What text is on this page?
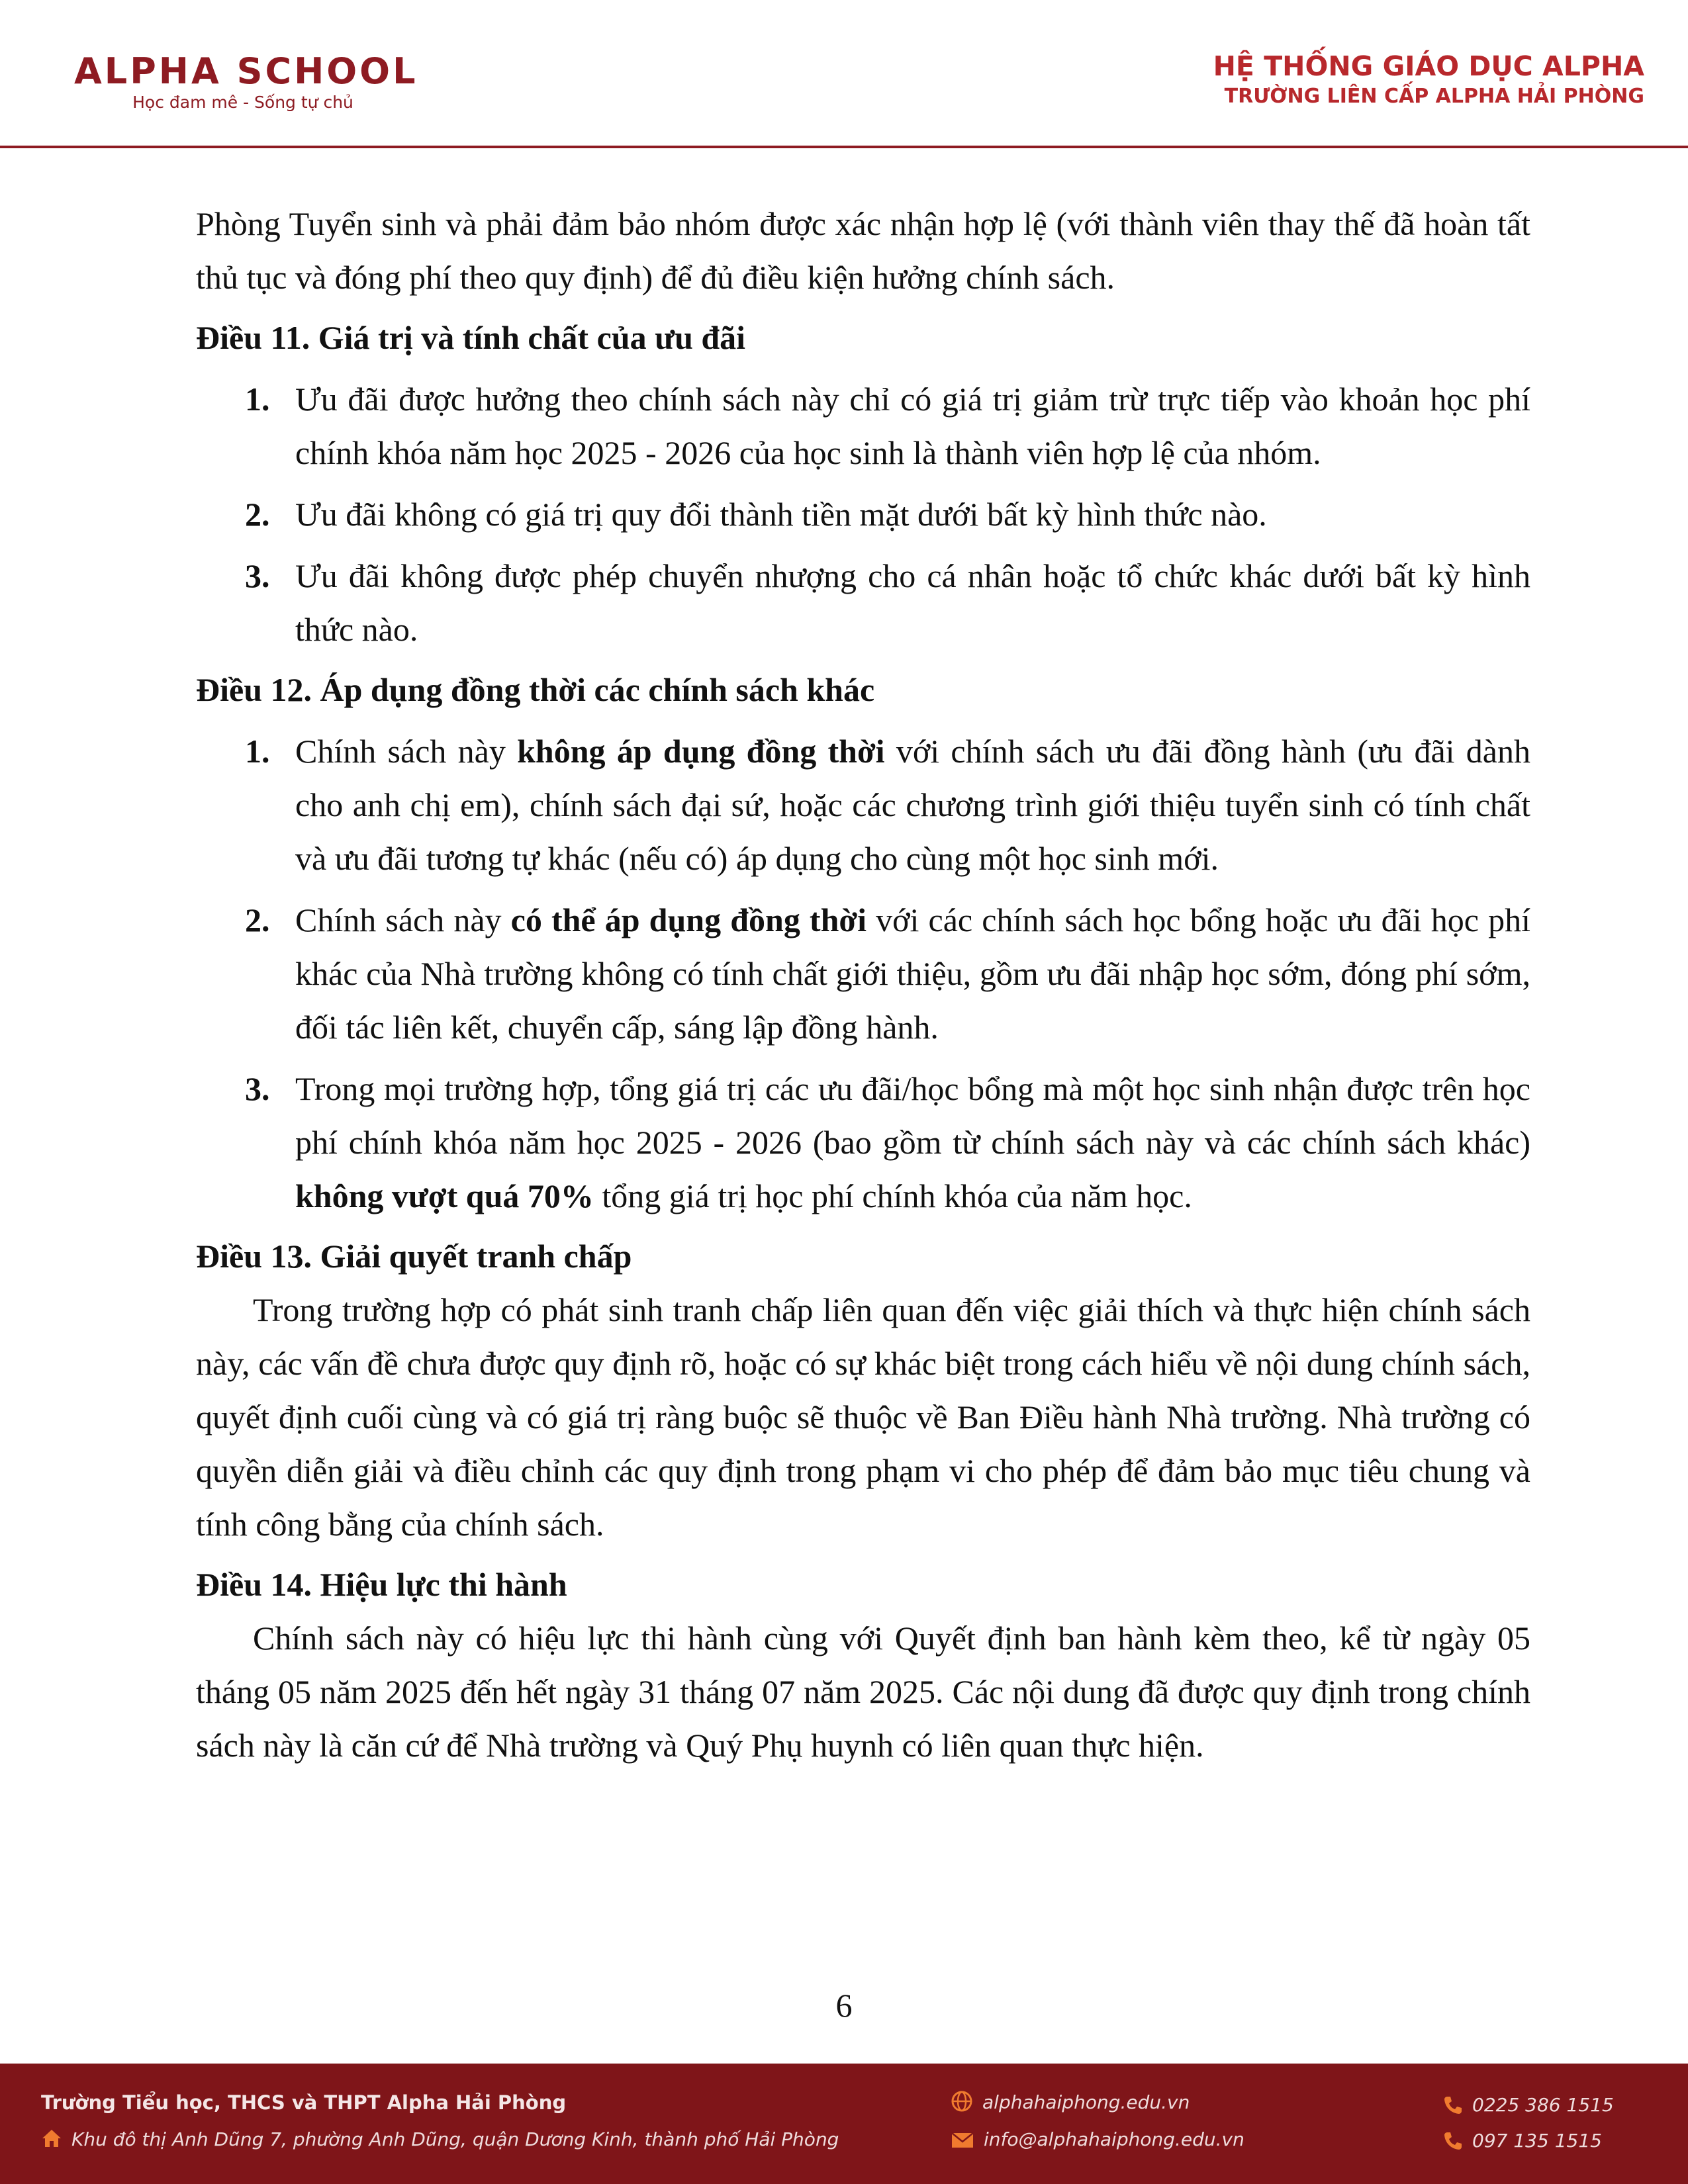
ALPHA SCHOOL
Học đam mê - Sống tự chủ
HỆ THỐNG GIÁO DỤC ALPHA
TRƯỜNG LIÊN CẤP ALPHA HẢI PHÒNG

Phòng Tuyển sinh và phải đảm bảo nhóm được xác nhận hợp lệ (với thành viên thay thế đã hoàn tất thủ tục và đóng phí theo quy định) để đủ điều kiện hưởng chính sách.

Điều 11. Giá trị và tính chất của ưu đãi

1. Ưu đãi được hưởng theo chính sách này chỉ có giá trị giảm trừ trực tiếp vào khoản học phí chính khóa năm học 2025 - 2026 của học sinh là thành viên hợp lệ của nhóm.
2. Ưu đãi không có giá trị quy đổi thành tiền mặt dưới bất kỳ hình thức nào.
3. Ưu đãi không được phép chuyển nhượng cho cá nhân hoặc tổ chức khác dưới bất kỳ hình thức nào.

Điều 12. Áp dụng đồng thời các chính sách khác

1. Chính sách này không áp dụng đồng thời với chính sách ưu đãi đồng hành (ưu đãi dành cho anh chị em), chính sách đại sứ, hoặc các chương trình giới thiệu tuyển sinh có tính chất và ưu đãi tương tự khác (nếu có) áp dụng cho cùng một học sinh mới.
2. Chính sách này có thể áp dụng đồng thời với các chính sách học bổng hoặc ưu đãi học phí khác của Nhà trường không có tính chất giới thiệu, gồm ưu đãi nhập học sớm, đóng phí sớm, đối tác liên kết, chuyển cấp, sáng lập đồng hành.
3. Trong mọi trường hợp, tổng giá trị các ưu đãi/học bổng mà một học sinh nhận được trên học phí chính khóa năm học 2025 - 2026 (bao gồm từ chính sách này và các chính sách khác) không vượt quá 70% tổng giá trị học phí chính khóa của năm học.

Điều 13. Giải quyết tranh chấp

Trong trường hợp có phát sinh tranh chấp liên quan đến việc giải thích và thực hiện chính sách này, các vấn đề chưa được quy định rõ, hoặc có sự khác biệt trong cách hiểu về nội dung chính sách, quyết định cuối cùng và có giá trị ràng buộc sẽ thuộc về Ban Điều hành Nhà trường. Nhà trường có quyền diễn giải và điều chỉnh các quy định trong phạm vi cho phép để đảm bảo mục tiêu chung và tính công bằng của chính sách.

Điều 14. Hiệu lực thi hành

Chính sách này có hiệu lực thi hành cùng với Quyết định ban hành kèm theo, kể từ ngày 05 tháng 05 năm 2025 đến hết ngày 31 tháng 07 năm 2025. Các nội dung đã được quy định trong chính sách này là căn cứ để Nhà trường và Quý Phụ huynh có liên quan thực hiện.

6
Trường Tiểu học, THCS và THPT Alpha Hải Phòng
Khu đô thị Anh Dũng 7, phường Anh Dũng, quận Dương Kinh, thành phố Hải Phòng
alphahaiphong.edu.vn
info@alphahaiphong.edu.vn
0225 386 1515
097 135 1515
